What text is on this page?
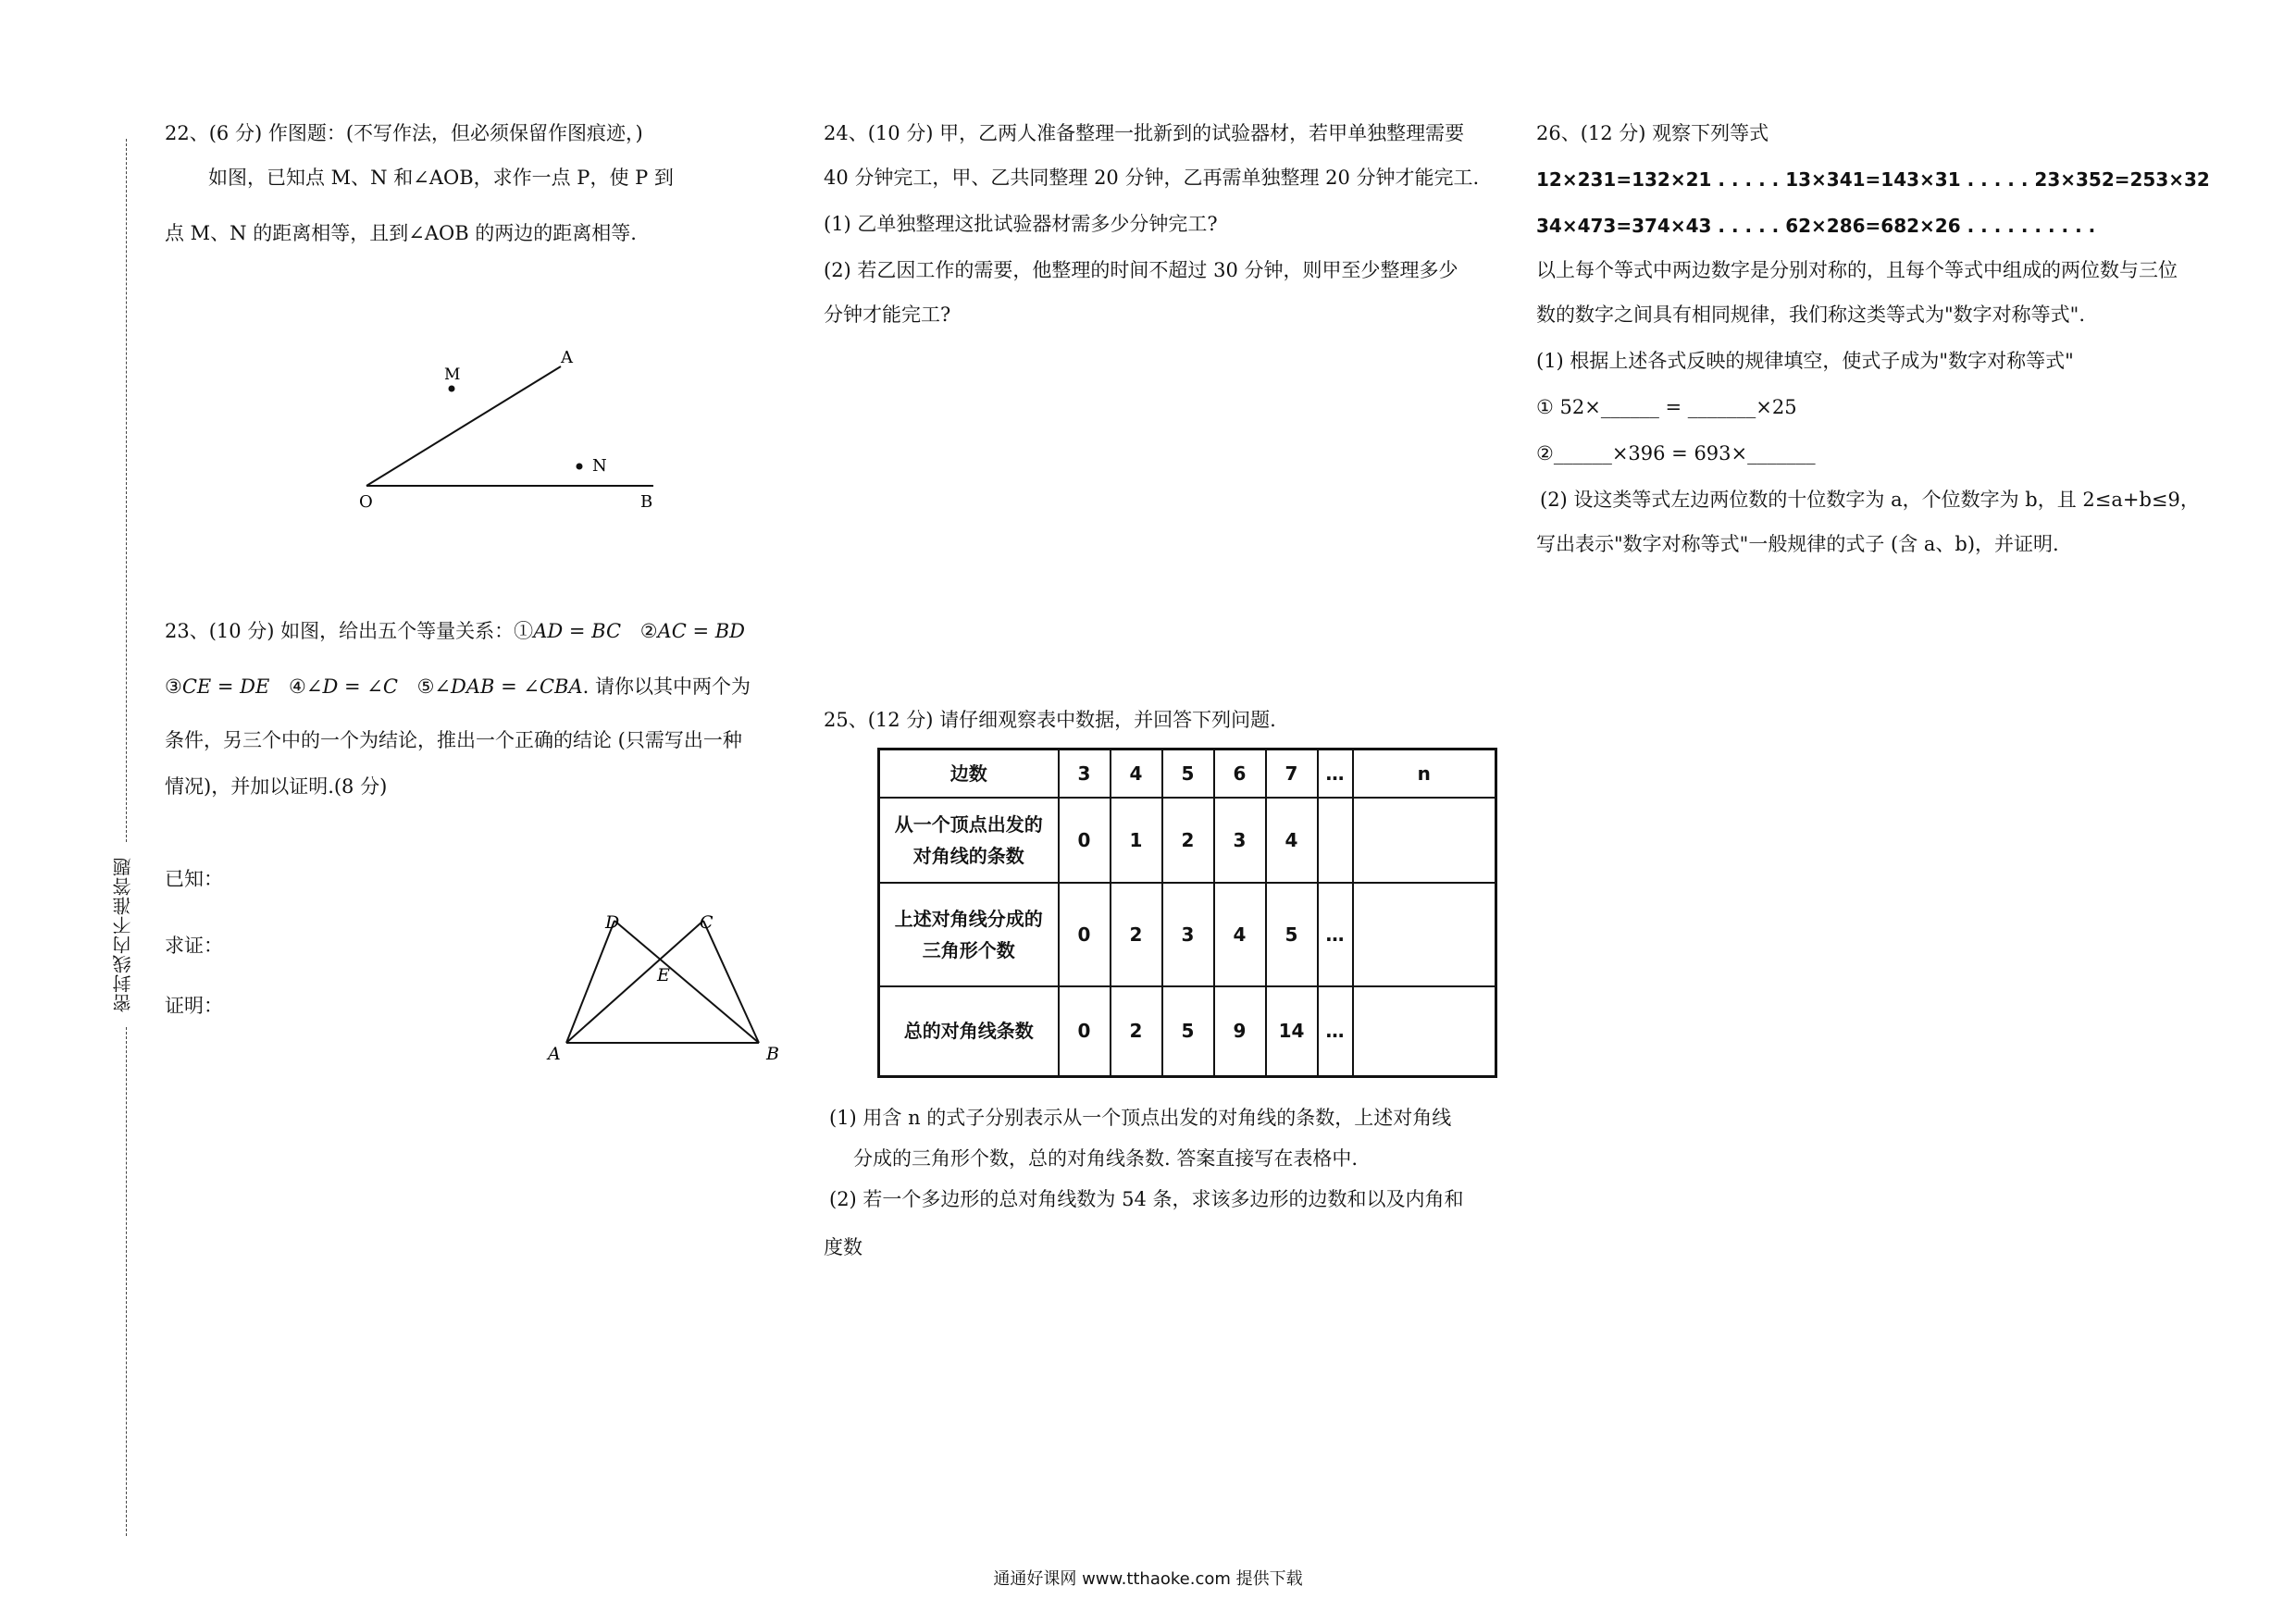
密封线内不准答题
22、(6 分) 作图题：(不写作法，但必须保留作图痕迹，)
如图，已知点 M、N 和∠AOB，求作一点 P，使 P 到
点 M、N 的距离相等，且到∠AOB 的两边的距离相等.
M
A
N
O	B
23、(10 分) 如图，给出五个等量关系：①AD = BC ②AC = BD
③CE = DE ④∠D = ∠C ⑤∠DAB = ∠CBA. 请你以其中两个为
条件，另三个中的一个为结论，推出一个正确的结论 (只需写出一种
情况)，并加以证明.(8 分)
已知：
求证：
证明：
D	C
E
A	B
24、(10 分) 甲，乙两人准备整理一批新到的试验器材，若甲单独整理需要
40 分钟完工，甲、乙共同整理 20 分钟，乙再需单独整理 20 分钟才能完工.
(1) 乙单独整理这批试验器材需多少分钟完工?
(2) 若乙因工作的需要，他整理的时间不超过 30 分钟，则甲至少整理多少
分钟才能完工?
25、(12 分) 请仔细观察表中数据，并回答下列问题.
边数	3	4	5	6	7	…	n

从一个顶点出发的
对角线的条数	0	1	2	3	4		

上述对角线分成的
三角形个数	0	2	3	4	5	…	
总的对角线条数	0	2	5	9	14	…	
(1) 用含 n 的式子分别表示从一个顶点出发的对角线的条数，上述对角线
分成的三角形个数，总的对角线条数. 答案直接写在表格中.
(2) 若一个多边形的总对角线数为 54 条，求该多边形的边数和以及内角和
度数
26、(12 分) 观察下列等式
12×231=132×21 . . . . . 13×341=143×31 . . . . . 23×352=253×32
34×473=374×43 . . . . . 62×286=682×26 . . . . . . . . . .
以上每个等式中两边数字是分别对称的，且每个等式中组成的两位数与三位
数的数字之间具有相同规律，我们称这类等式为"数字对称等式".
(1) 根据上述各式反映的规律填空，使式子成为"数字对称等式"
① 52×______ = _______×25
②______×396 = 693×_______
(2) 设这类等式左边两位数的十位数字为 a，个位数字为 b，且 2≤a+b≤9，
写出表示"数字对称等式"一般规律的式子 (含 a、b)，并证明.
通通好课网 www.tthaoke.com 提供下载
